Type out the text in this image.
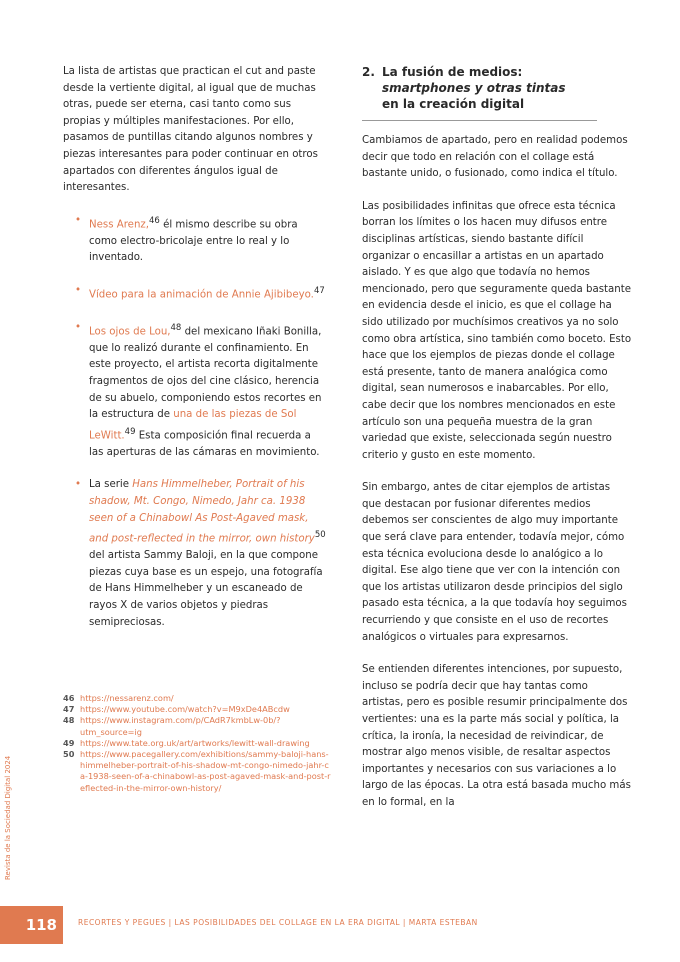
La lista de artistas que practican el cut and paste desde la vertiente digital, al igual que de muchas otras, puede ser eterna, casi tanto como sus propias y múltiples manifestaciones. Por ello, pasamos de puntillas citando algunos nombres y piezas interesantes para poder continuar en otros apartados con diferentes ángulos igual de interesantes.

• Ness Arenz,$^{46}$ él mismo describe su obra como electro-bricolaje entre lo real y lo inventado.
• Vídeo para la animación de Annie Ajibibeyo.$^{47}$
• Los ojos de Lou,$^{48}$ del mexicano Iñaki Bonilla, que lo realizó durante el confinamiento. En este proyecto, el artista recorta digitalmente fragmentos de ojos del cine clásico, herencia de su abuelo, componiendo estos recortes en la estructura de una de las piezas de Sol LeWitt.$^{49}$ Esta composición final recuerda a las aperturas de las cámaras en movimiento.
• La serie Hans Himmelheber, Portrait of his shadow, Mt. Congo, Nimedo, Jahr ca. 1938 seen of a Chinabowl As Post-Agaved mask, and post-reflected in the mirror, own history$^{50}$ del artista Sammy Baloji, en la que compone piezas cuya base es un espejo, una fotografía de Hans Himmelheber y un escaneado de rayos X de varios objetos y piedras semipreciosas.
46 https://nessarenz.com/
47 https://www.youtube.com/watch?v=M9xDe4ABcdw
48 https://www.instagram.com/p/CAdR7kmbLw-0b/?utm_source=ig
49 https://www.tate.org.uk/art/artworks/lewitt-wall-drawing
50 https://www.pacegallery.com/exhibitions/sammy-baloji-hans-himmelheber-portrait-of-his-shadow-mt-congo-nimedo-jahr-ca-1938-seen-of-a-chinabowl-as-post-agaved-mask-and-post-reflected-in-the-mirror-own-history/
2. La fusión de medios:
smartphones y otras tintas
en la creación digital

Cambiamos de apartado, pero en realidad podemos decir que todo en relación con el collage está bastante unido, o fusionado, como indica el título.

Las posibilidades infinitas que ofrece esta técnica borran los límites o los hacen muy difusos entre disciplinas artísticas, siendo bastante difícil organizar o encasillar a artistas en un apartado aislado. Y es que algo que todavía no hemos mencionado, pero que seguramente queda bastante en evidencia desde el inicio, es que el collage ha sido utilizado por muchísimos creativos ya no solo como obra artística, sino también como boceto. Esto hace que los ejemplos de piezas donde el collage está presente, tanto de manera analógica como digital, sean numerosos e inabarcables. Por ello, cabe decir que los nombres mencionados en este artículo son una pequeña muestra de la gran variedad que existe, seleccionada según nuestro criterio y gusto en este momento.

Sin embargo, antes de citar ejemplos de artistas que destacan por fusionar diferentes medios debemos ser conscientes de algo muy importante que será clave para entender, todavía mejor, cómo esta técnica evoluciona desde lo analógico a lo digital. Ese algo tiene que ver con la intención con que los artistas utilizaron desde principios del siglo pasado esta técnica, a la que todavía hoy seguimos recurriendo y que consiste en el uso de recortes analógicos o virtuales para expresarnos.

Se entienden diferentes intenciones, por supuesto, incluso se podría decir que hay tantas como artistas, pero es posible resumir principalmente dos vertientes: una es la parte más social y política, la crítica, la ironía, la necesidad de reivindicar, de mostrar algo menos visible, de resaltar aspectos importantes y necesarios con sus variaciones a lo largo de las épocas. La otra está basada mucho más en lo formal, en la

Revista de la Sociedad Digital 2024
118	RECORTES Y PEGUES | LAS POSIBILIDADES DEL COLLAGE EN LA ERA DIGITAL | MARTA ESTEBAN
